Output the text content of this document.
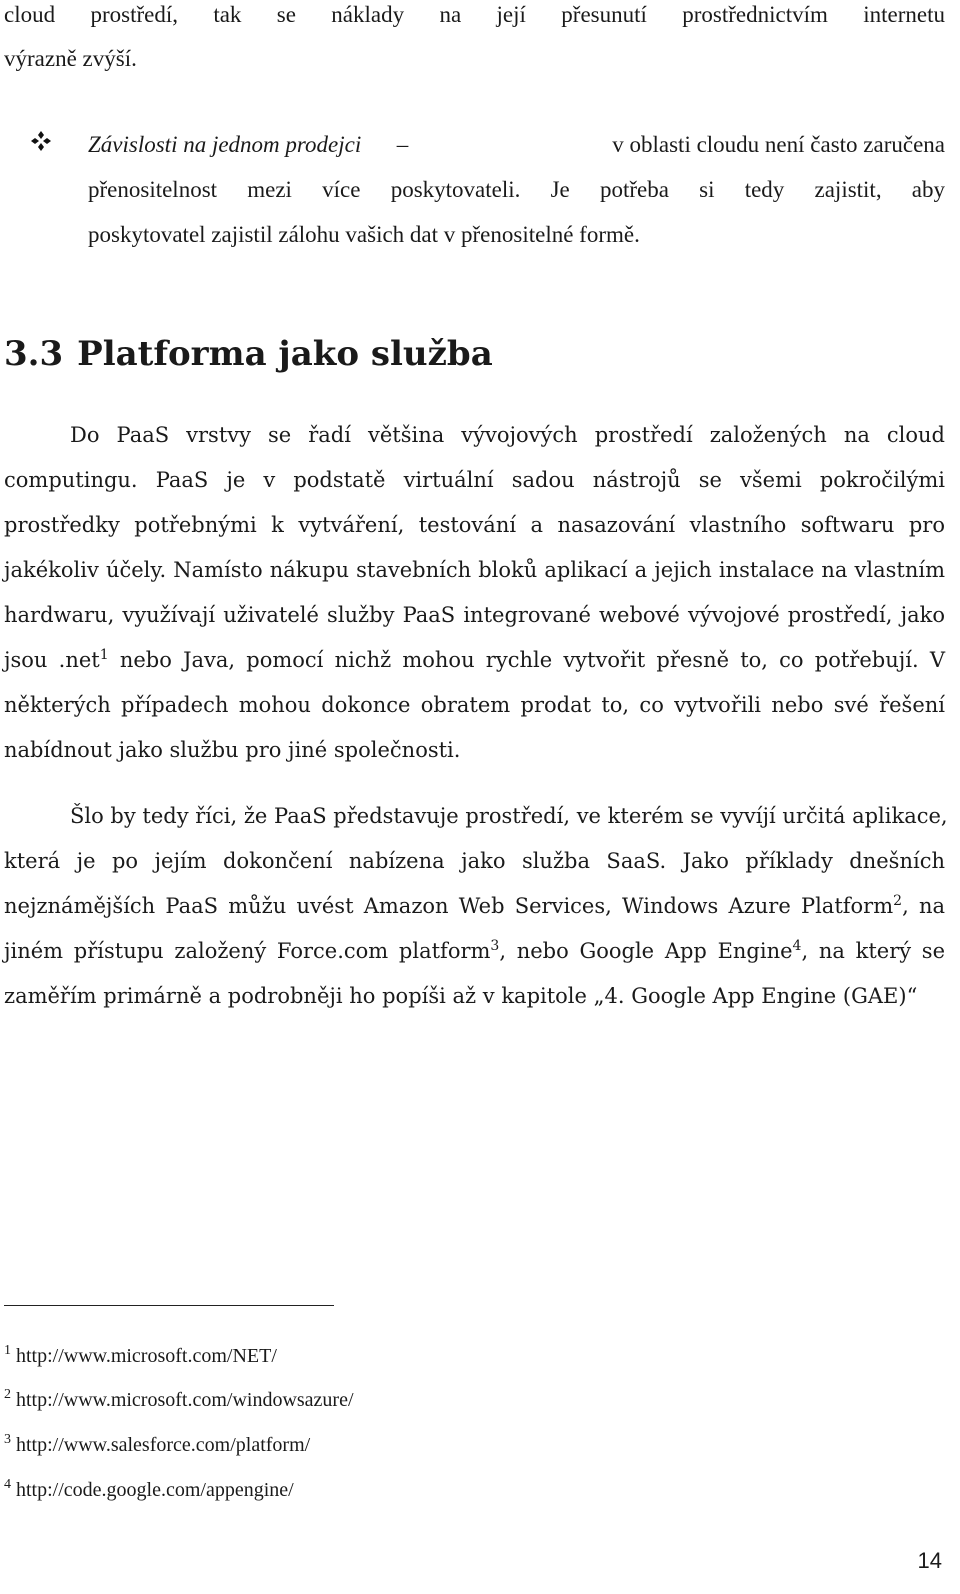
cloud prostředí, tak se náklady na její přesunutí prostřednictvím internetu
výrazně zvýší.
Závislosti na jednom prodejci –	v oblasti cloudu není často zaručena
přenositelnost mezi více poskytovateli. Je potřeba si tedy zajistit, aby
poskytovatel zajistil zálohu vašich dat v přenositelné formě.
3.3 Platforma jako služba
Do PaaS vrstvy se řadí většina vývojových prostředí založených na cloud
computingu. PaaS je v podstatě virtuální sadou nástrojů se všemi pokročilými
prostředky potřebnými k vytváření, testování a nasazování vlastního softwaru pro
jakékoliv účely. Namísto nákupu stavebních bloků aplikací a jejich instalace na vlastním
hardwaru, využívají uživatelé služby PaaS integrované webové vývojové prostředí, jako
jsou .net$^1$ nebo Java, pomocí nichž mohou rychle vytvořit přesně to, co potřebují. V
některých případech mohou dokonce obratem prodat to, co vytvořili nebo své řešení
nabídnout jako službu pro jiné společnosti.
Šlo by tedy říci, že PaaS představuje prostředí, ve kterém se vyvíjí určitá aplikace,
která je po jejím dokončení nabízena jako služba SaaS. Jako příklady dnešních
nejznámějších PaaS můžu uvést Amazon Web Services, Windows Azure Platform$^2$, na
jiném přístupu založený Force.com platform$^3$, nebo Google App Engine$^4$, na který se
zaměřím primárně a podrobněji ho popíši až v kapitole „4. Google App Engine (GAE)“
$^1$ http://www.microsoft.com/NET/
$^2$ http://www.microsoft.com/windowsazure/
$^3$ http://www.salesforce.com/platform/
$^4$ http://code.google.com/appengine/
14
